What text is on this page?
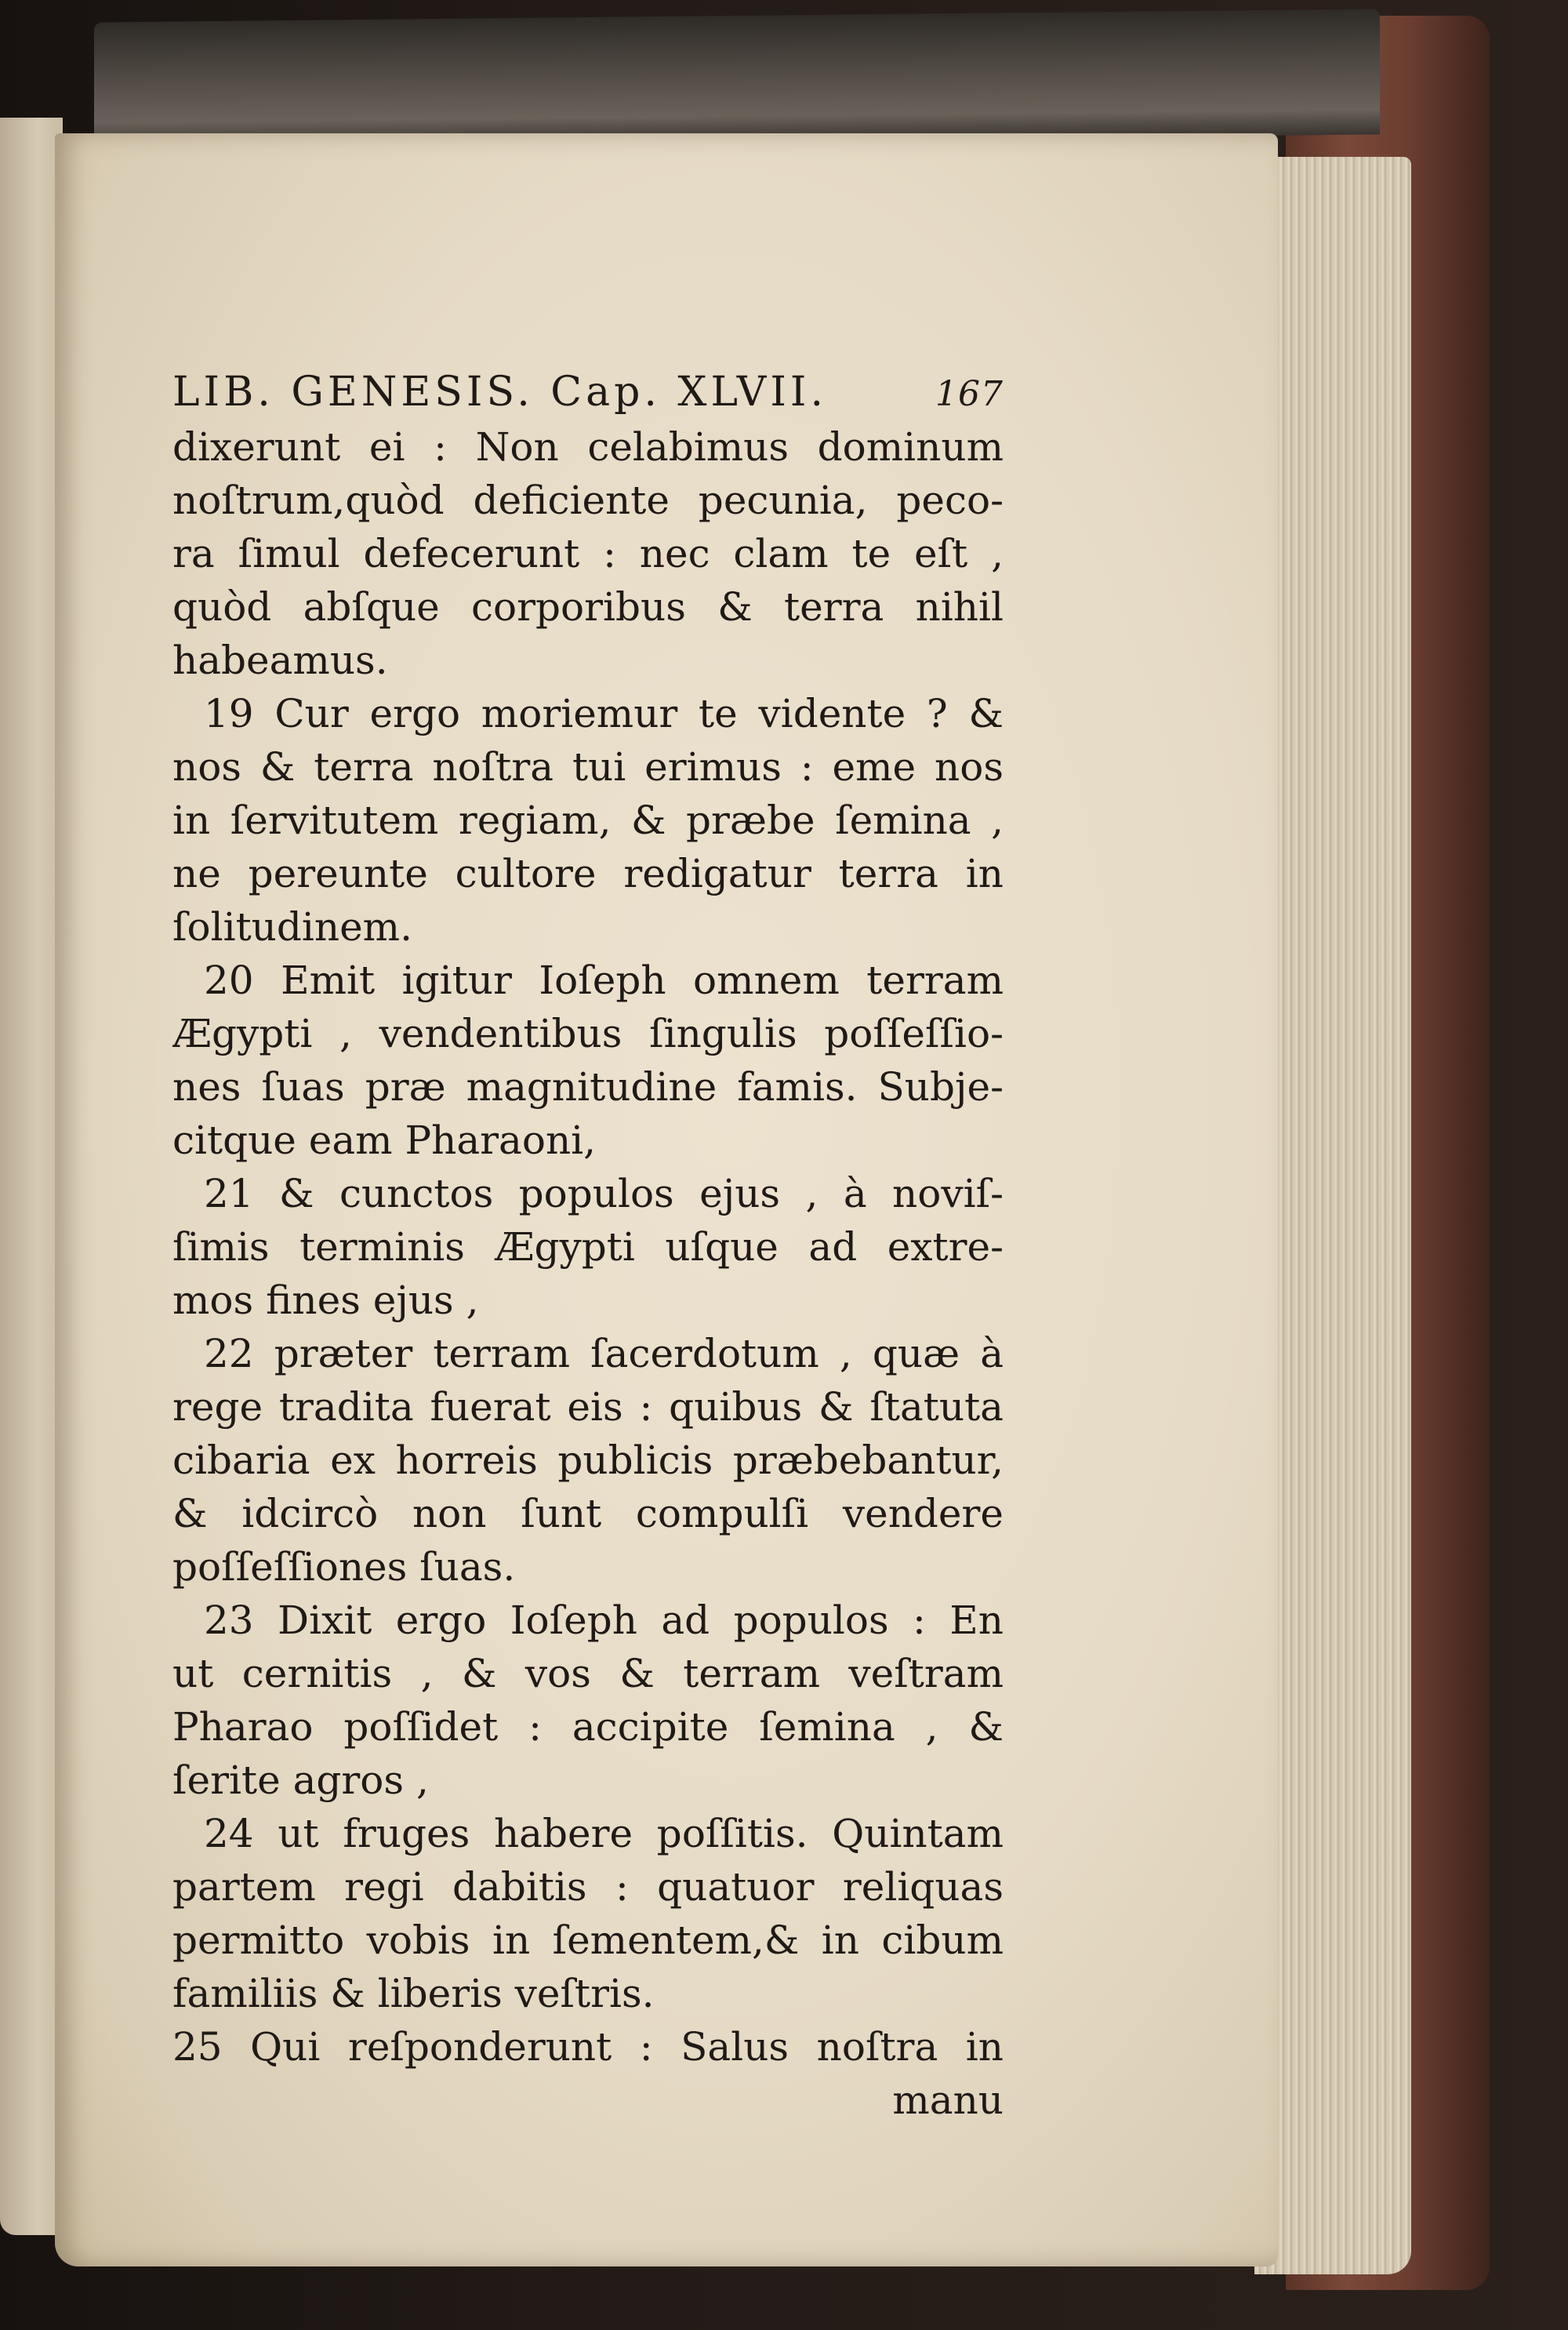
LIB. GENESIS. Cap. XLVII.	167
dixerunt ei : Non celabimus dominum
noſtrum,quòd deficiente pecunia, peco-
ra ſimul defecerunt : nec clam te eſt ,
quòd abſque corporibus & terra nihil
habeamus.
19 Cur ergo moriemur te vidente ? &
nos & terra noſtra tui erimus : eme nos
in ſervitutem regiam, & præbe ſemina ,
ne pereunte cultore redigatur terra in
ſolitudinem.
20 Emit igitur Ioſeph omnem terram
Ægypti , vendentibus ſingulis poſſeſſio-
nes ſuas præ magnitudine famis. Subje-
citque eam Pharaoni,
21 & cunctos populos ejus , à noviſ-
ſimis terminis Ægypti uſque ad extre-
mos fines ejus ,
22 præter terram ſacerdotum , quæ à
rege tradita fuerat eis : quibus & ſtatuta
cibaria ex horreis publicis præbebantur,
& idcircò non ſunt compulſi vendere
poſſeſſiones ſuas.
23 Dixit ergo Ioſeph ad populos : En
ut cernitis , & vos & terram veſtram
Pharao poſſidet : accipite ſemina , &
ſerite agros ,
24 ut fruges habere poſſitis. Quintam
partem regi dabitis : quatuor reliquas
permitto vobis in ſementem,& in cibum
familiis & liberis veſtris.
25 Qui reſponderunt : Salus noſtra in
manu
